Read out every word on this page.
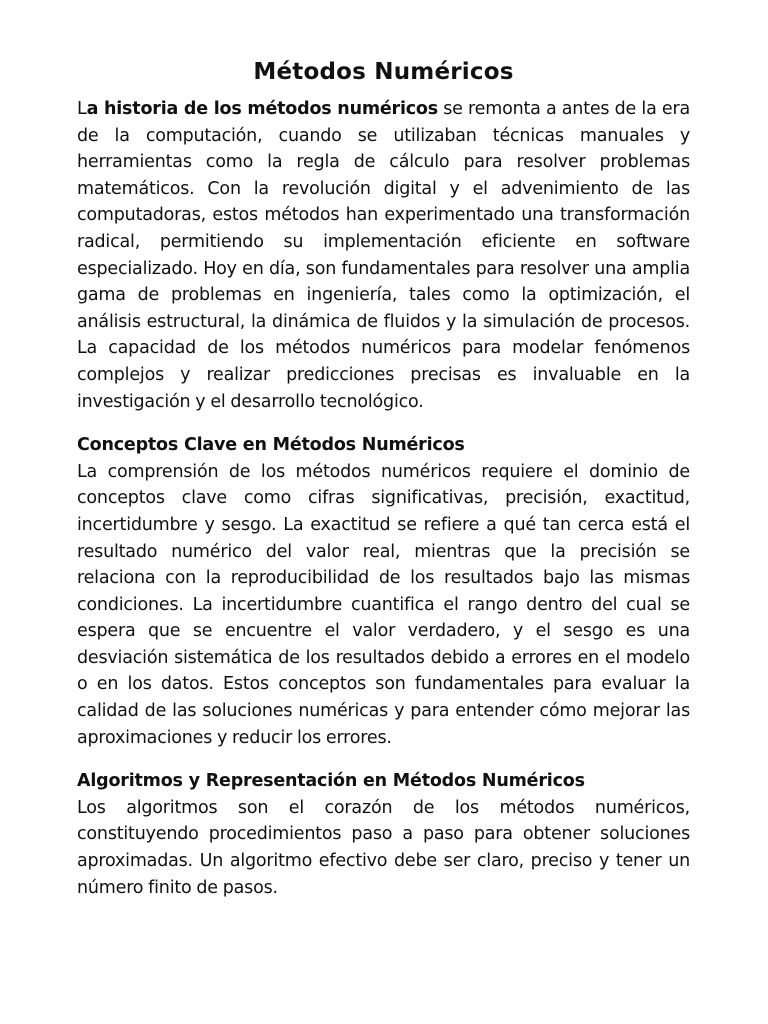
Métodos Numéricos

La historia de los métodos numéricos se remonta a antes de la era de la computación, cuando se utilizaban técnicas manuales y herramientas como la regla de cálculo para resolver problemas matemáticos. Con la revolución digital y el advenimiento de las computadoras, estos métodos han experimentado una transformación radical, permitiendo su implementación eficiente en software especializado. Hoy en día, son fundamentales para resolver una amplia gama de problemas en ingeniería, tales como la optimización, el análisis estructural, la dinámica de fluidos y la simulación de procesos. La capacidad de los métodos numéricos para modelar fenómenos complejos y realizar predicciones precisas es invaluable en la investigación y el desarrollo tecnológico.

Conceptos Clave en Métodos Numéricos

La comprensión de los métodos numéricos requiere el dominio de conceptos clave como cifras significativas, precisión, exactitud, incertidumbre y sesgo. La exactitud se refiere a qué tan cerca está el resultado numérico del valor real, mientras que la precisión se relaciona con la reproducibilidad de los resultados bajo las mismas condiciones. La incertidumbre cuantifica el rango dentro del cual se espera que se encuentre el valor verdadero, y el sesgo es una desviación sistemática de los resultados debido a errores en el modelo o en los datos. Estos conceptos son fundamentales para evaluar la calidad de las soluciones numéricas y para entender cómo mejorar las aproximaciones y reducir los errores.

Algoritmos y Representación en Métodos Numéricos

Los algoritmos son el corazón de los métodos numéricos, constituyendo procedimientos paso a paso para obtener soluciones aproximadas. Un algoritmo efectivo debe ser claro, preciso y tener un número finito de pasos.
